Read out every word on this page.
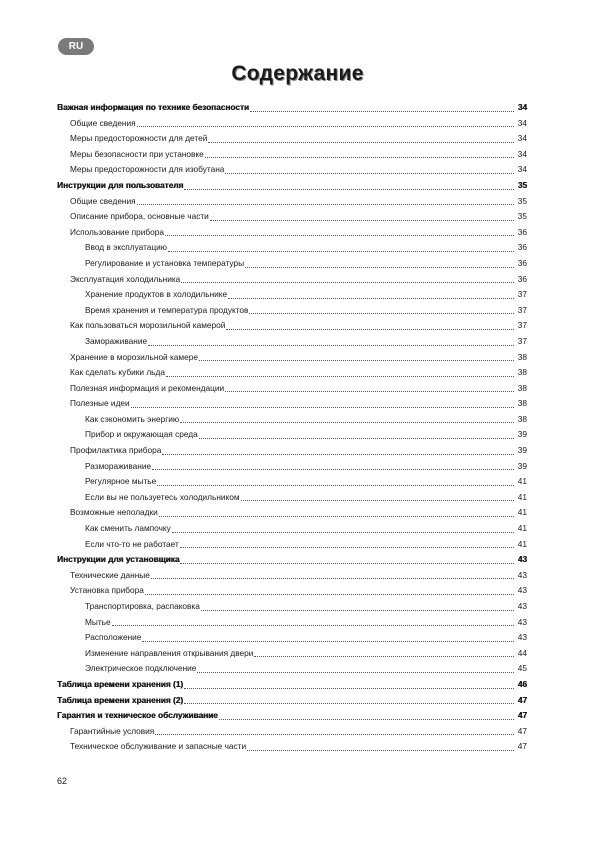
RU
Содержание
Важная информация по технике безопасности	34
Общие сведения	34
Меры предосторожности для детей	34
Меры безопасности при установке	34
Меры предосторожности для изобутана	34
Инструкции для пользователя	35
Общие сведения	35
Описание прибора, основные части	35
Использование прибора	36
Ввод в эксплуатацию	36
Регулирование и установка температуры	36
Эксплуатация холодильника	36
Хранение продуктов в холодильнике	37
Время хранения и температура продуктов	37
Как пользоваться морозильной камерой	37
Замораживание	37
Хранение в морозильной камере	38
Как сделать кубики льда	38
Полезная информация и рекомендации	38
Полезные идеи	38
Как сэкономить энергию	38
Прибор и окружающая среда	39
Профилактика прибора	39
Размораживание	39
Регулярное мытье	41
Если вы не пользуетесь холодильником	41
Возможные неполадки	41
Как сменить лампочку	41
Если что-то не работает	41
Инструкции для установщика	43
Технические данные	43
Установка прибора	43
Транспортировка, распаковка	43
Мытье	43
Расположение	43
Изменение направления открывания двери	44
Электрическое подключение	45
Таблица времени хранения (1)	46
Таблица времени хранения (2)	47
Гарантия и техническое обслуживание	47
Гарантийные условия	47
Техническое обслуживание и запасные части	47
62
